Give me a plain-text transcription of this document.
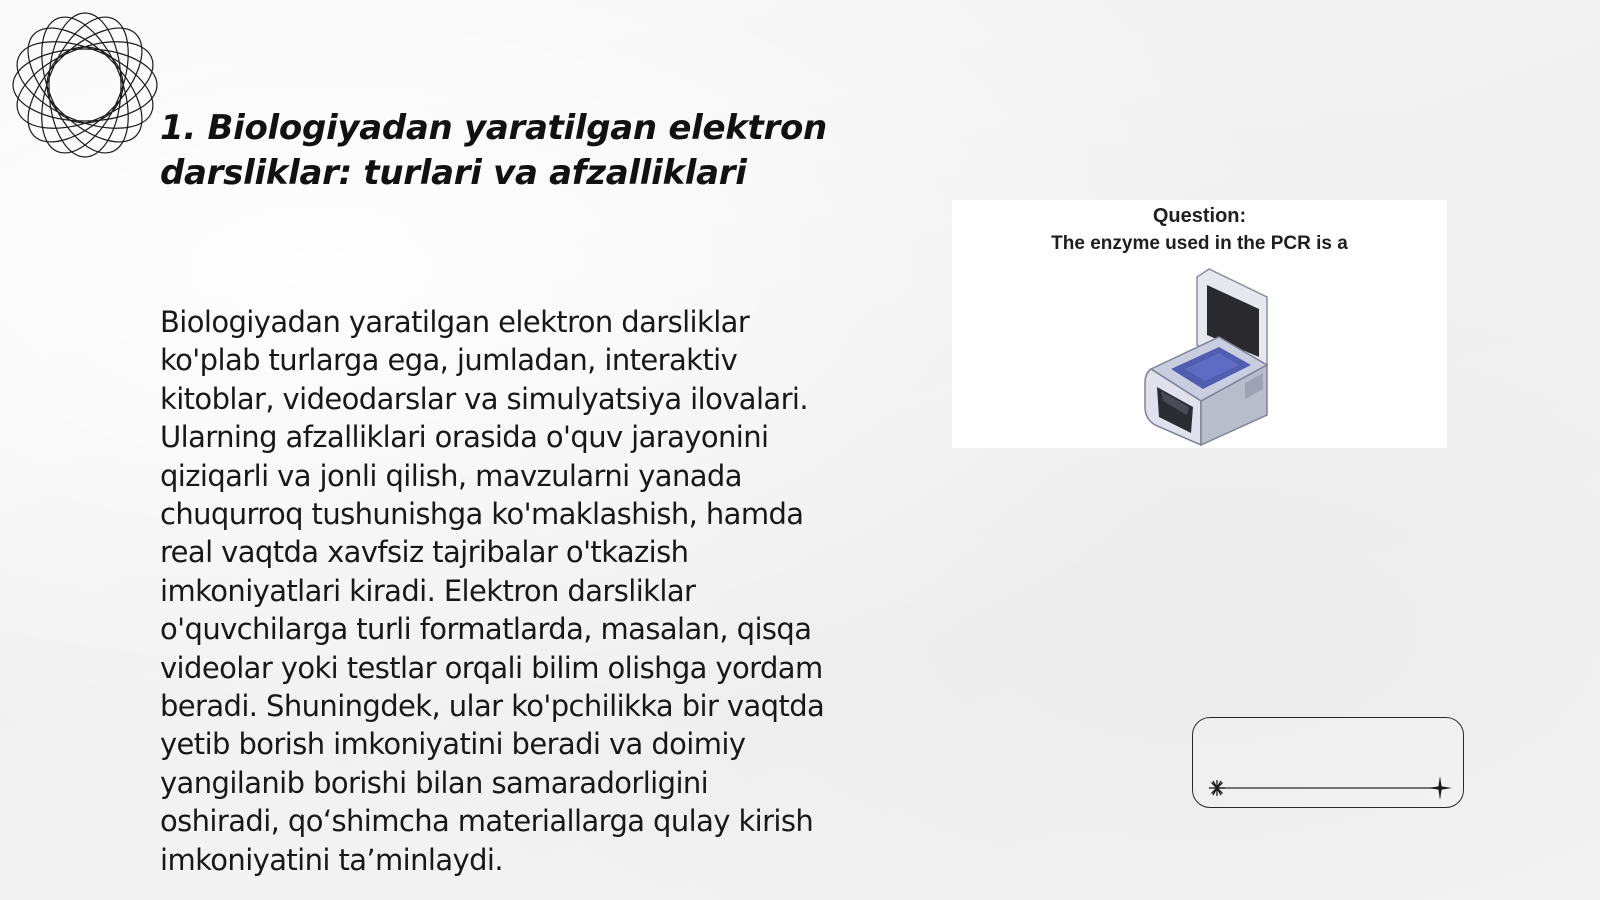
1. Biologiyadan yaratilgan elektron darsliklar: turlari va afzalliklari

Biologiyadan yaratilgan elektron darsliklar ko'plab turlarga ega, jumladan, interaktiv kitoblar, videodarslar va simulyatsiya ilovalari. Ularning afzalliklari orasida o'quv jarayonini qiziqarli va jonli qilish, mavzularni yanada chuqurroq tushunishga ko'maklashish, hamda real vaqtda xavfsiz tajribalar o'tkazish imkoniyatlari kiradi. Elektron darsliklar o'quvchilarga turli formatlarda, masalan, qisqa videolar yoki testlar orqali bilim olishga yordam beradi. Shuningdek, ular ko'pchilikka bir vaqtda yetib borish imkoniyatini beradi va doimiy yangilanib borishi bilan samaradorligini oshiradi, qo‘shimcha materiallarga qulay kirish imkoniyatini ta’minlaydi.

Question:
The enzyme used in the PCR is a
